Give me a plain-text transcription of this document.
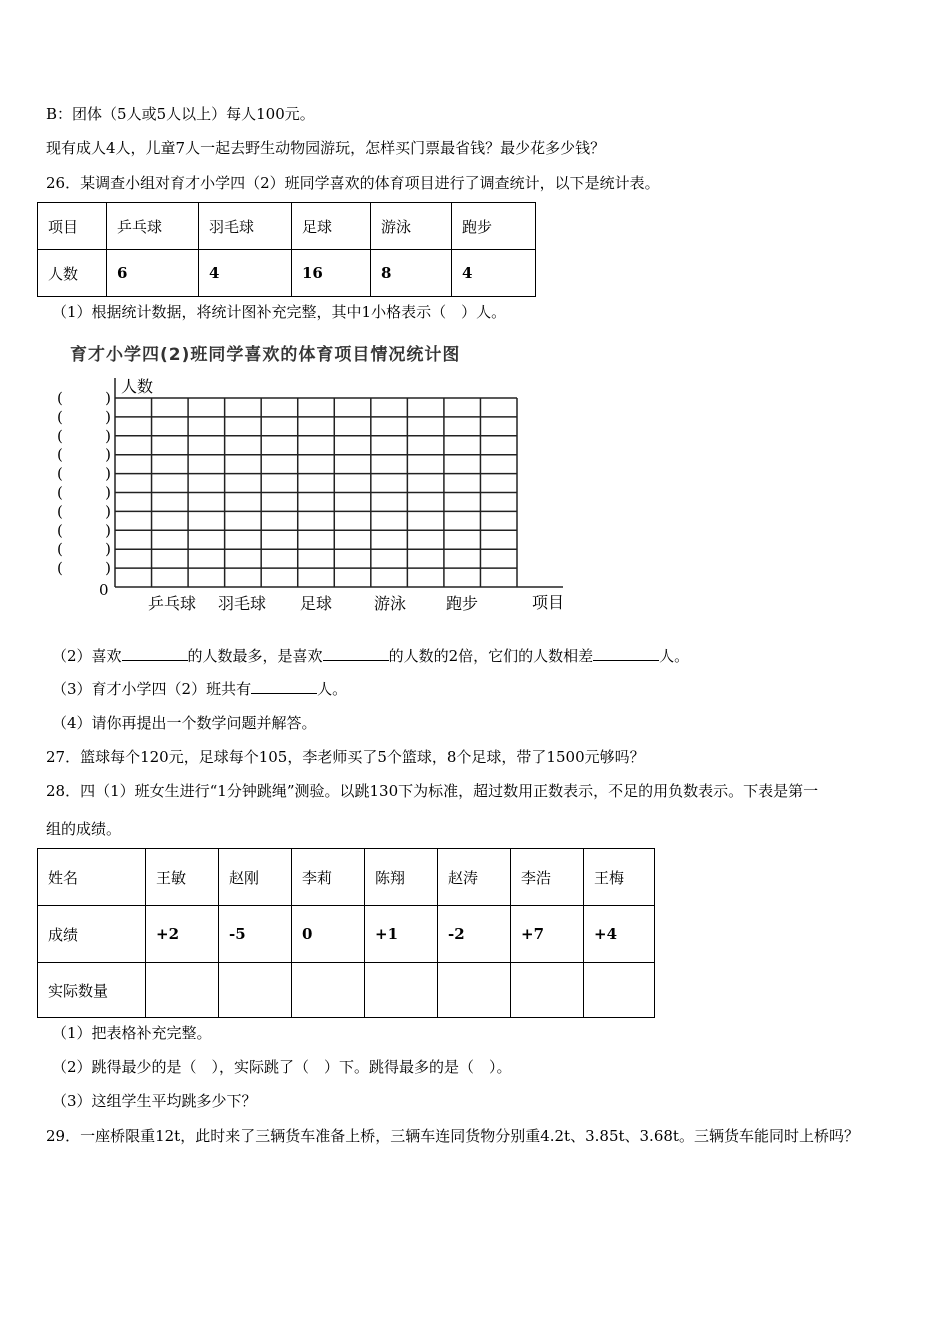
B：团体（5人或5人以上）每人100元。
现有成人4人，儿童7人一起去野生动物园游玩，怎样买门票最省钱？最少花多少钱？
26．某调查小组对育才小学四（2）班同学喜欢的体育项目进行了调查统计，以下是统计表。
项目	乒乓球	羽毛球	足球	游泳	跑步
人数	6	4	16	8	4
（1）根据统计数据，将统计图补充完整，其中1小格表示（　）人。
育才小学四(2)班同学喜欢的体育项目情况统计图
人数
0
(　)
(　)
(　)
(　)
(　)
(　)
(　)
(　)
(　)
(　)
乒乓球 羽毛球 足球	游泳 跑步	项目
（2）喜欢	的人数最多，是喜欢	的人数的2倍，它们的人数相差	人。
（3）育才小学四（2）班共有	人。
（4）请你再提出一个数学问题并解答。
27．篮球每个120元，足球每个105，李老师买了5个篮球，8个足球，带了1500元够吗？
28．四（1）班女生进行“1分钟跳绳”测验。以跳130下为标准，超过数用正数表示，不足的用负数表示。下表是第一
组的成绩。
姓名	王敏	赵刚	李莉	陈翔	赵涛	李浩	王梅
成绩	+2	-5	0	+1	-2	+7	+4
实际数量							
（1）把表格补充完整。
（2）跳得最少的是（　），实际跳了（　）下。跳得最多的是（　）。
（3）这组学生平均跳多少下？
29．一座桥限重12t，此时来了三辆货车准备上桥，三辆车连同货物分别重4.2t、3.85t、3.68t。三辆货车能同时上桥吗？
